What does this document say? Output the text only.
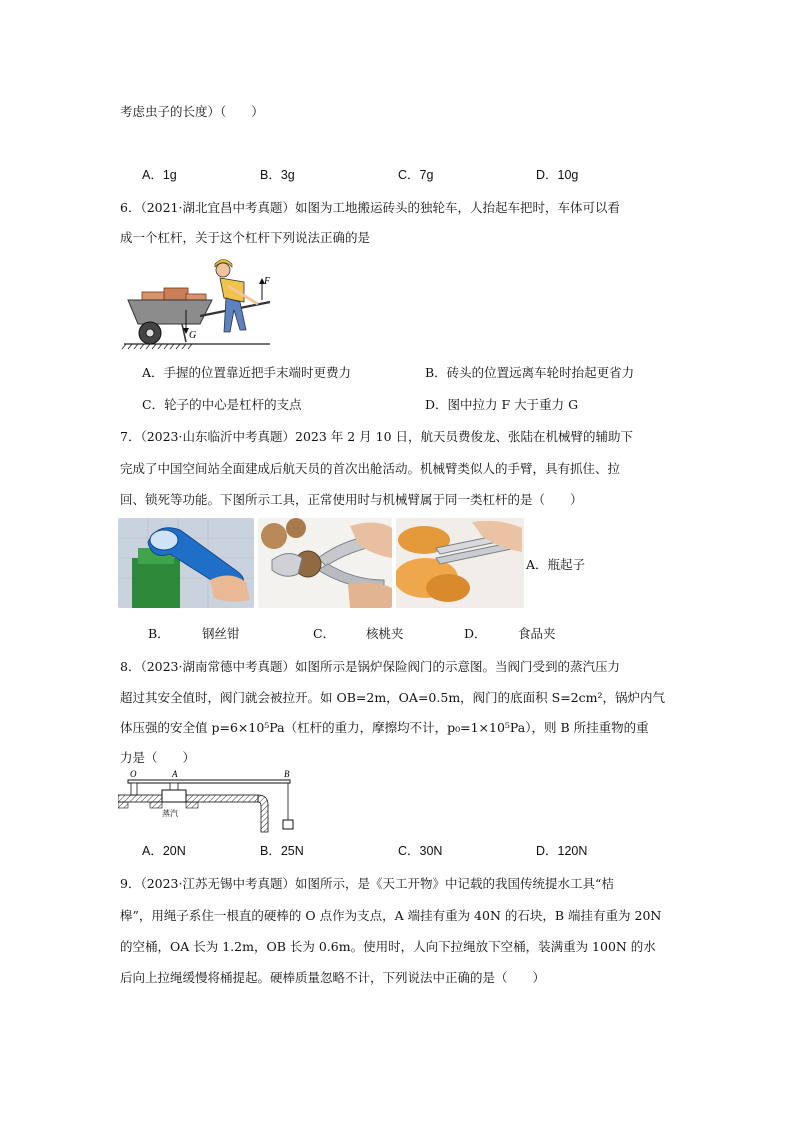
考虑虫子的长度）（　　）
A．1g	B．3g	C．7g	D．10g
6．（2021·湖北宜昌中考真题）如图为工地搬运砖头的独轮车，人抬起车把时，车体可以看
成一个杠杆，关于这个杠杆下列说法正确的是
G
F
A．手握的位置靠近把手末端时更费力	B．砖头的位置远离车轮时抬起更省力
C．轮子的中心是杠杆的支点	D．图中拉力 F 大于重力 G
7．（2023·山东临沂中考真题）2023 年 2 月 10 日，航天员费俊龙、张陆在机械臂的辅助下
完成了中国空间站全面建成后航天员的首次出舱活动。机械臂类似人的手臂，具有抓住、拉
回、锁死等功能。下图所示工具，正常使用时与机械臂属于同一类杠杆的是（　　）
A．瓶起子
B．	钢丝钳	C． 核桃夹	D．	食品夹
8．（2023·湖南常德中考真题）如图所示是锅炉保险阀门的示意图。当阀门受到的蒸汽压力
超过其安全值时，阀门就会被拉开。如 OB=2m，OA=0.5m，阀门的底面积 S=2cm²，锅炉内气
体压强的安全值 p=6×10⁵Pa（杠杆的重力，摩擦均不计，p₀=1×10⁵Pa），则 B 所挂重物的重
力是（　　）
O	A	B
蒸汽
A．20N	B．25N	C．30N	D．120N
9．（2023·江苏无锡中考真题）如图所示，是《天工开物》中记载的我国传统提水工具“桔
槔”，用绳子系住一根直的硬棒的 O 点作为支点，A 端挂有重为 40N 的石块，B 端挂有重为 20N
的空桶，OA 长为 1.2m，OB 长为 0.6m。使用时，人向下拉绳放下空桶，装满重为 100N 的水
后向上拉绳缓慢将桶提起。硬棒质量忽略不计，下列说法中正确的是（　　）
